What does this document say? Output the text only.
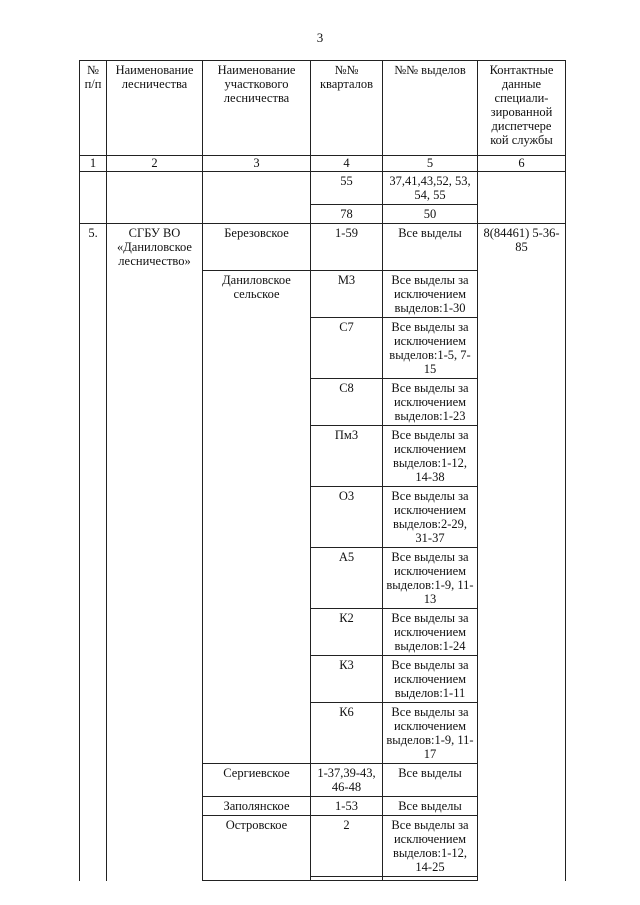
3
№ п/п	Наименование лесничества	Наименование участкового лесничества	№№ кварталов	№№ выделов	Контактные данные специали-зированной диспетчере кой службы
1	2	3	4	5	6
			55	37,41,43,52, 53, 54, 55	
			78	50	
5.	СГБУ ВО «Даниловское лесничество»	Березовское	1-59	Все выделы	8(84461) 5-36-85
		Даниловское сельское	М3	Все выделы за исключением выделов:1-30	
			С7	Все выделы за исключением выделов:1-5, 7-15	
			С8	Все выделы за исключением выделов:1-23	
			Пм3	Все выделы за исключением выделов:1-12, 14-38	
			О3	Все выделы за исключением выделов:2-29, 31-37	
			А5	Все выделы за исключением выделов:1-9, 11-13	
			К2	Все выделы за исключением выделов:1-24	
			К3	Все выделы за исключением выделов:1-11	
			К6	Все выделы за исключением выделов:1-9, 11-17	
		Сергиевское	1-37,39-43, 46-48	Все выделы	
		Заполянское	1-53	Все выделы	
		Островское	2	Все выделы за исключением выделов:1-12, 14-25	
